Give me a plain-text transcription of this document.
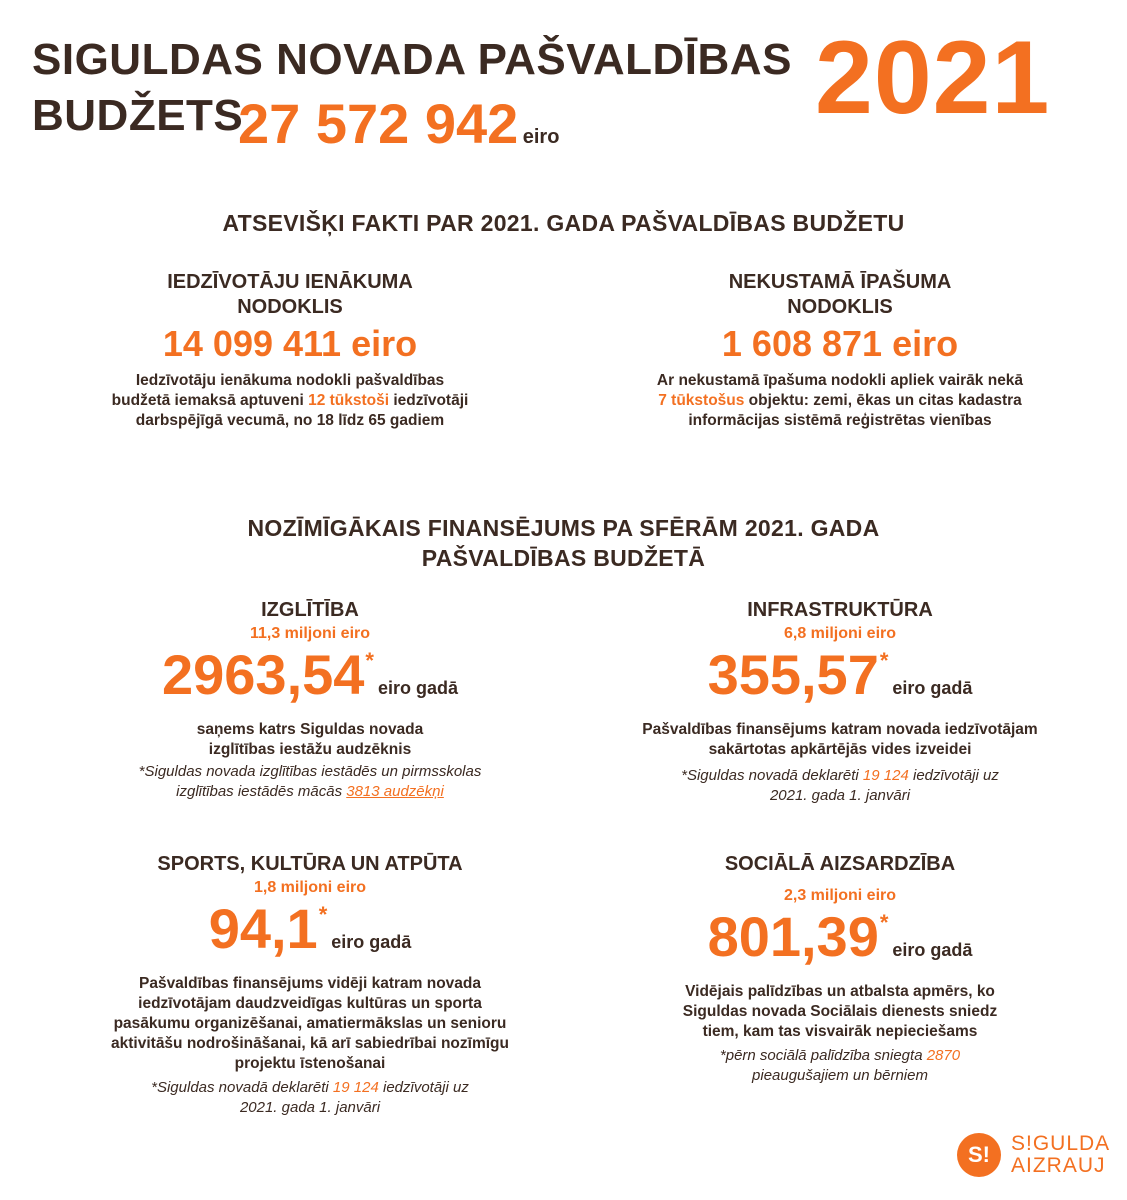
SIGULDAS NOVADA PAŠVALDĪBAS
BUDŽETS
27 572 942 eiro
2021
ATSEVIŠĶI FAKTI PAR 2021. GADA PAŠVALDĪBAS BUDŽETU
IEDZĪVOTĀJU IENĀKUMA
NODOKLIS
14 099 411 eiro
Iedzīvotāju ienākuma nodokli pašvaldības
budžetā iemaksā aptuveni 12 tūkstoši iedzīvotāji
darbspējīgā vecumā, no 18 līdz 65 gadiem
NEKUSTAMĀ ĪPAŠUMA
NODOKLIS
1 608 871 eiro
Ar nekustamā īpašuma nodokli apliek vairāk nekā
7 tūkstošus objektu: zemi, ēkas un citas kadastra
informācijas sistēmā reģistrētas vienības
NOZĪMĪGĀKAIS FINANSĒJUMS PA SFĒRĀM 2021. GADA
PAŠVALDĪBAS BUDŽETĀ
IZGLĪTĪBA
11,3 miljoni eiro
2963,54*eiro gadā
saņems katrs Siguldas novada
izglītības iestāžu audzēknis
*Siguldas novada izglītības iestādēs un pirmsskolas
izglītības iestādēs mācās 3813 audzēkņi
INFRASTRUKTŪRA
6,8 miljoni eiro
355,57*eiro gadā
Pašvaldības finansējums katram novada iedzīvotājam
sakārtotas apkārtējās vides izveidei
*Siguldas novadā deklarēti 19 124 iedzīvotāji uz
2021. gada 1. janvāri
SPORTS, KULTŪRA UN ATPŪTA
1,8 miljoni eiro
94,1*eiro gadā
Pašvaldības finansējums vidēji katram novada
iedzīvotājam daudzveidīgas kultūras un sporta
pasākumu organizēšanai, amatiermākslas un senioru
aktivitāšu nodrošināšanai, kā arī sabiedrībai nozīmīgu
projektu īstenošanai
*Siguldas novadā deklarēti 19 124 iedzīvotāji uz
2021. gada 1. janvāri
SOCIĀLĀ AIZSARDZĪBA
2,3 miljoni eiro
801,39*eiro gadā
Vidējais palīdzības un atbalsta apmērs, ko
Siguldas novada Sociālais dienests sniedz
tiem, kam tas visvairāk nepieciešams
*pērn sociālā palīdzība sniegta 2870
pieaugušajiem un bērniem
S!	S!GULDA
AIZRAUJ
